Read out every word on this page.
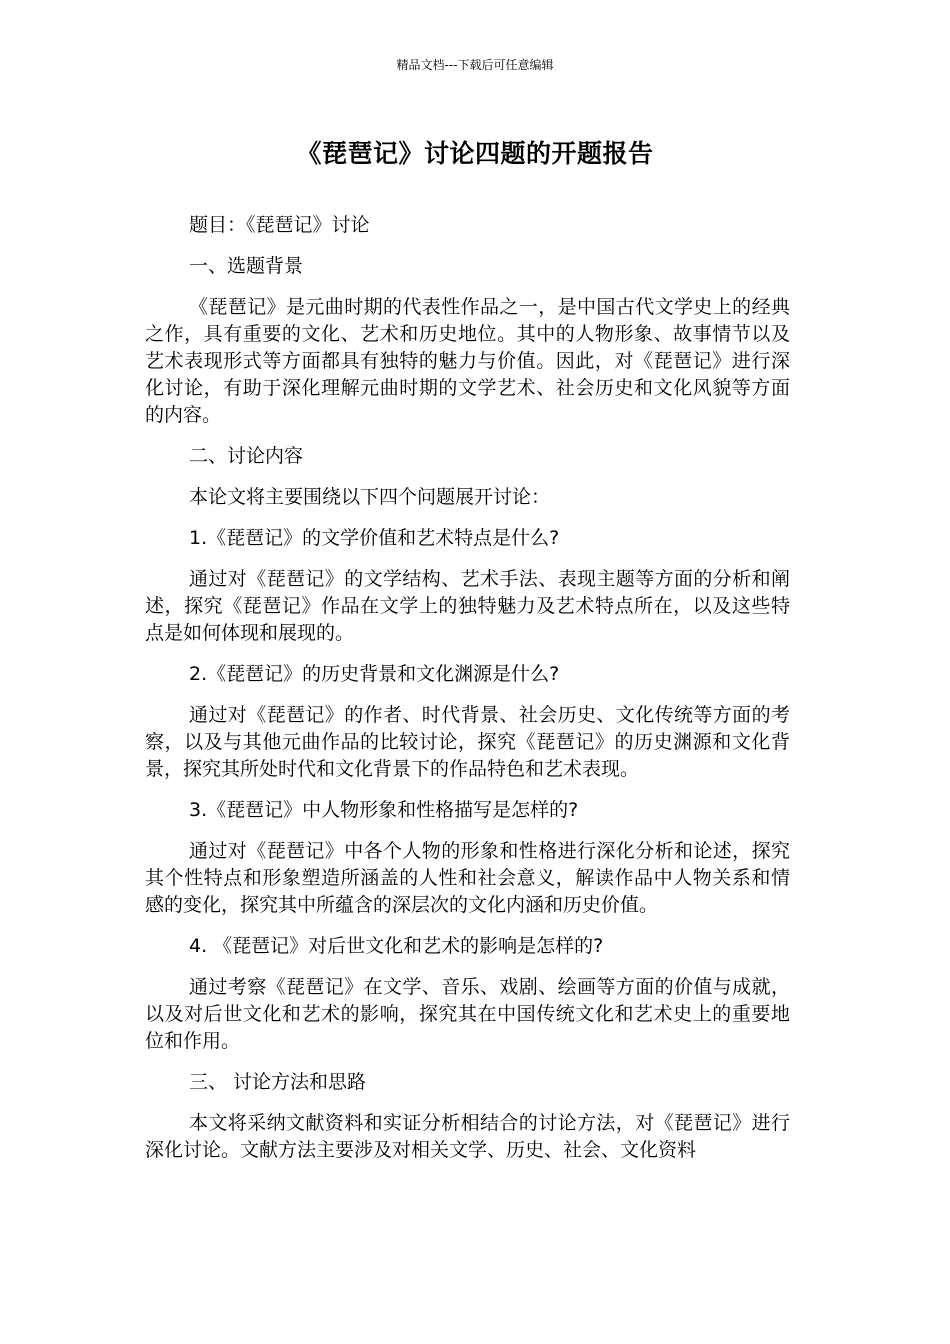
精品文档---下载后可任意编辑
《琵琶记》讨论四题的开题报告

题目：《琵琶记》讨论

一、选题背景

《琵琶记》是元曲时期的代表性作品之一，是中国古代文学史上的经典之作，具有重要的文化、艺术和历史地位。其中的人物形象、故事情节以及艺术表现形式等方面都具有独特的魅力与价值。因此，对《琵琶记》进行深化讨论，有助于深化理解元曲时期的文学艺术、社会历史和文化风貌等方面的内容。

二、讨论内容

本论文将主要围绕以下四个问题展开讨论：

1.《琵琶记》的文学价值和艺术特点是什么?

通过对《琵琶记》的文学结构、艺术手法、表现主题等方面的分析和阐述，探究《琵琶记》作品在文学上的独特魅力及艺术特点所在，以及这些特点是如何体现和展现的。

2.《琵琶记》的历史背景和文化渊源是什么?

通过对《琵琶记》的作者、时代背景、社会历史、文化传统等方面的考察，以及与其他元曲作品的比较讨论，探究《琵琶记》的历史渊源和文化背景，探究其所处时代和文化背景下的作品特色和艺术表现。

3.《琵琶记》中人物形象和性格描写是怎样的?

通过对《琵琶记》中各个人物的形象和性格进行深化分析和论述，探究其个性特点和形象塑造所涵盖的人性和社会意义，解读作品中人物关系和情感的变化，探究其中所蕴含的深层次的文化内涵和历史价值。

4. 《琵琶记》对后世文化和艺术的影响是怎样的?

通过考察《琵琶记》在文学、音乐、戏剧、绘画等方面的价值与成就，以及对后世文化和艺术的影响，探究其在中国传统文化和艺术史上的重要地位和作用。

三、 讨论方法和思路

本文将采纳文献资料和实证分析相结合的讨论方法，对《琵琶记》进行深化讨论。文献方法主要涉及对相关文学、历史、社会、文化资料
